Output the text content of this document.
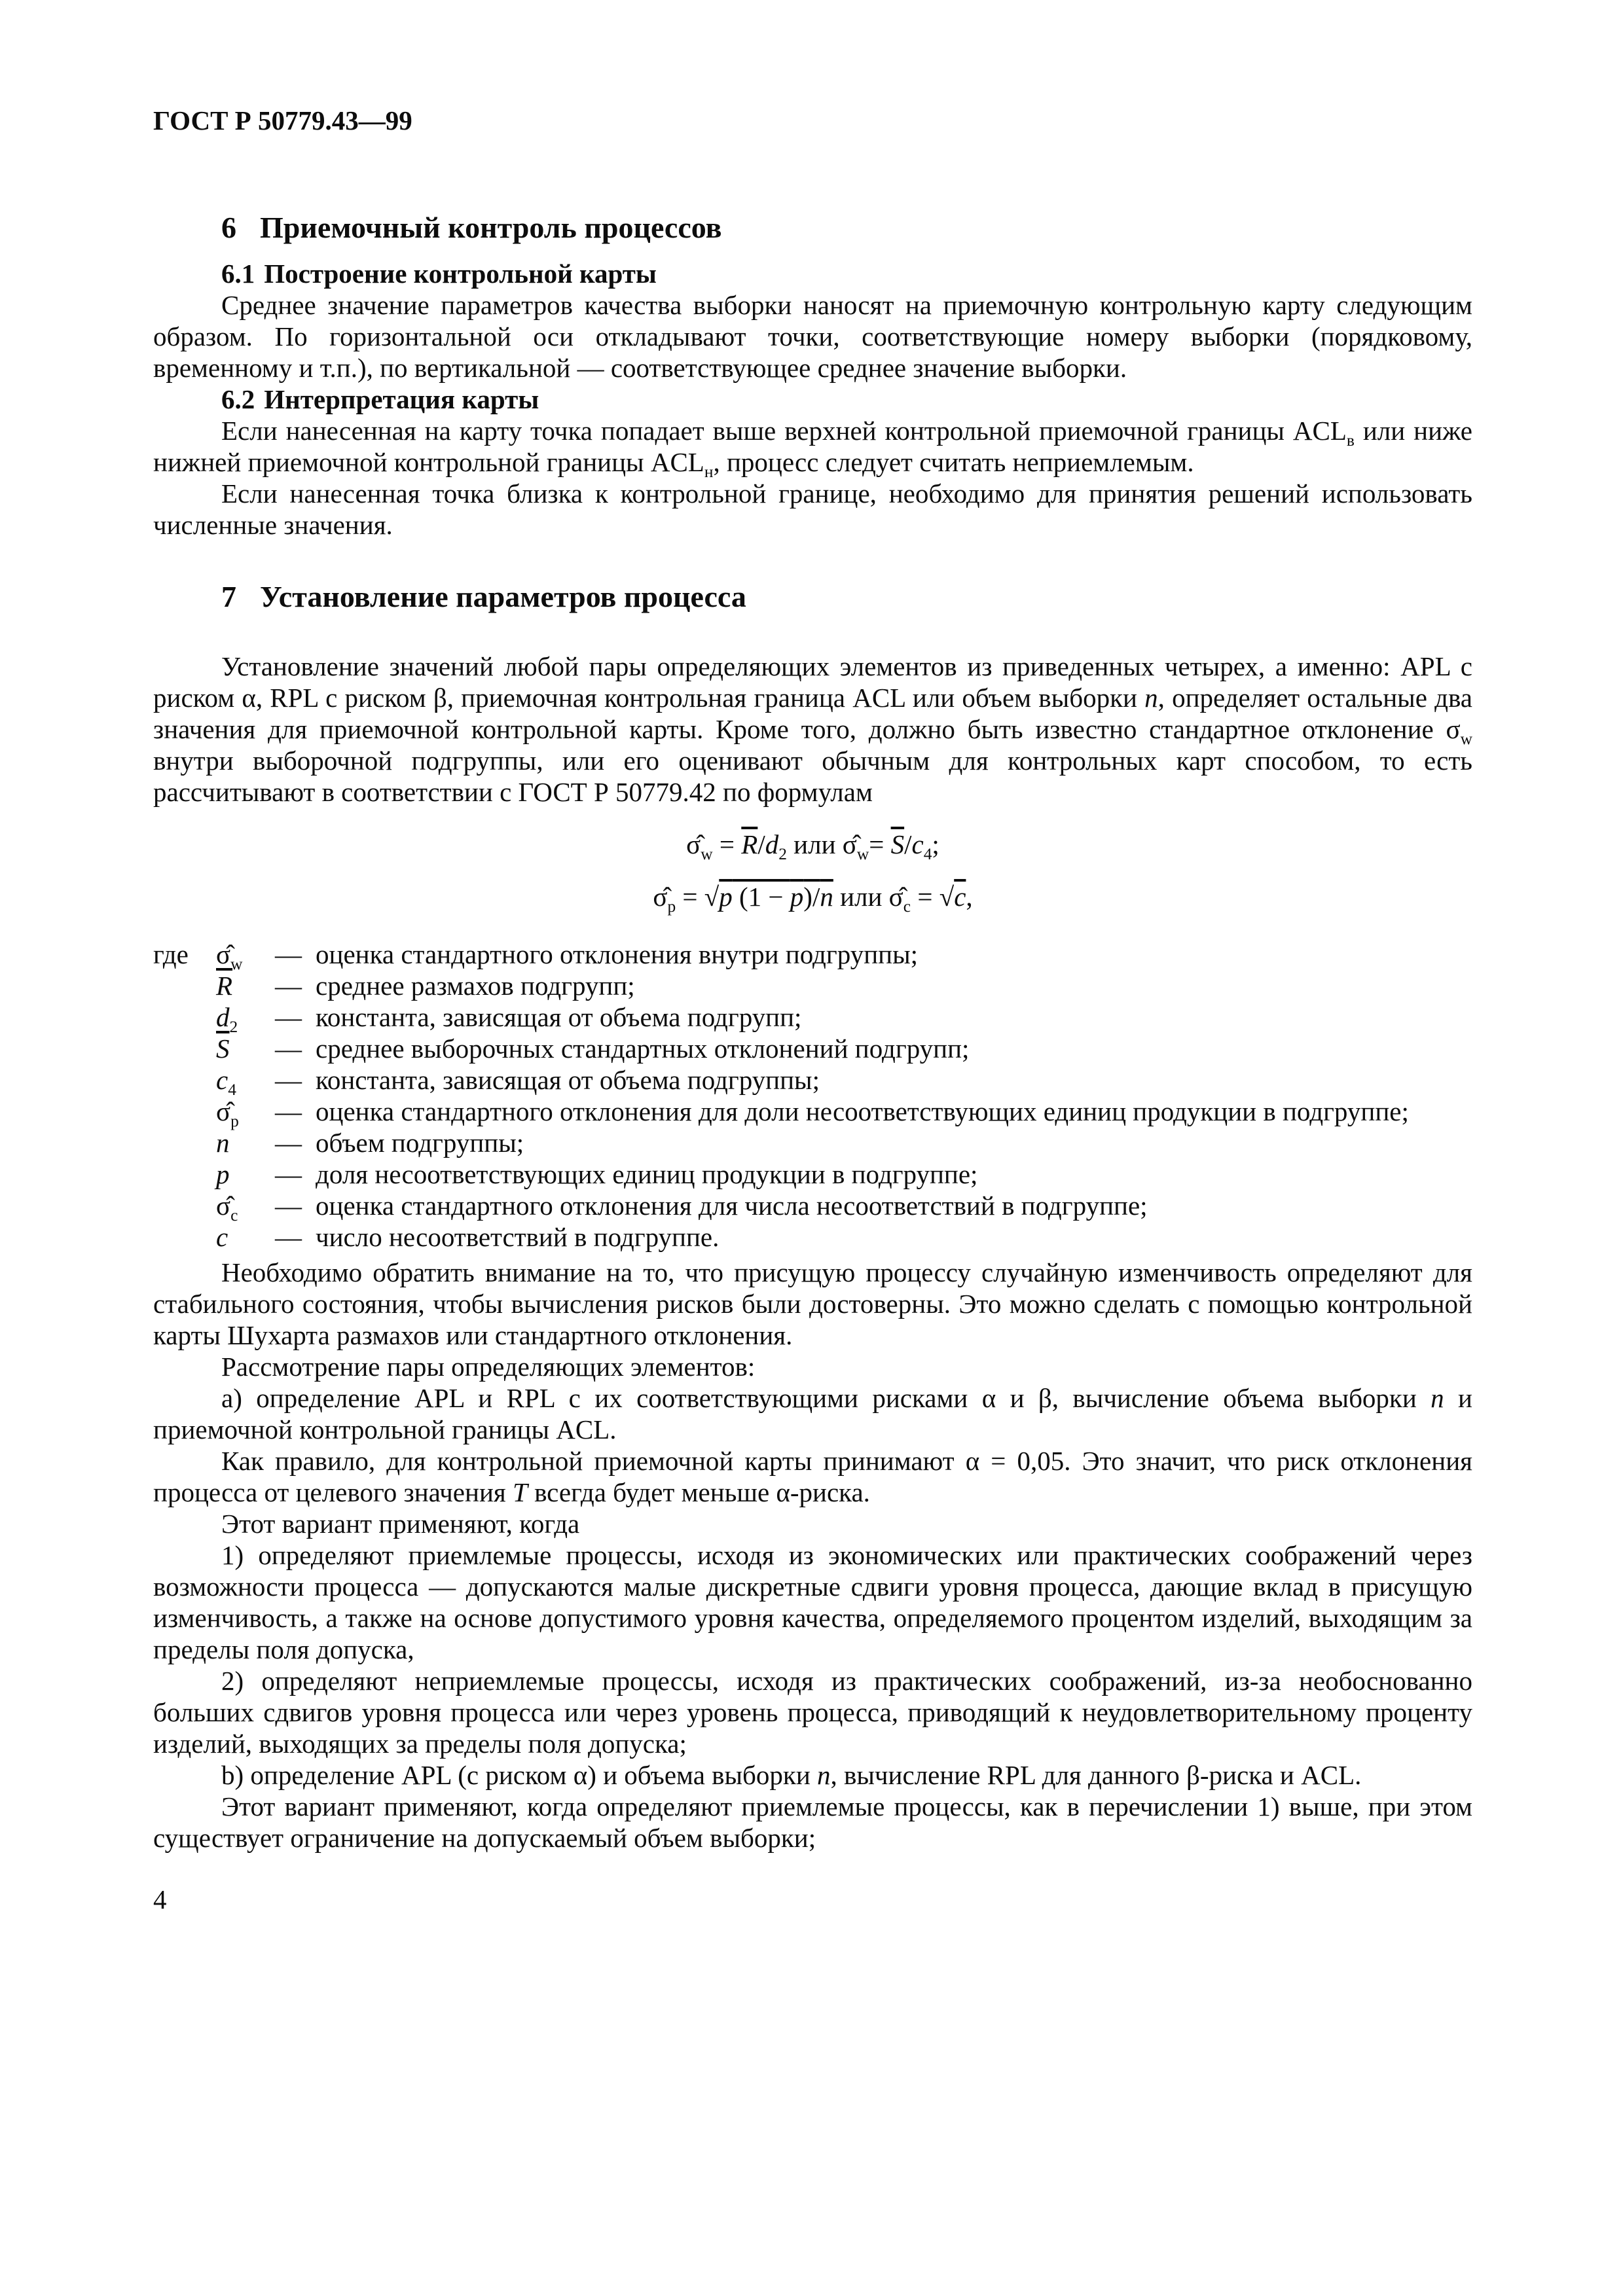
ГОСТ Р 50779.43—99
6 Приемочный контроль процессов
6.1 Построение контрольной карты

Среднее значение параметров качества выборки наносят на приемочную контрольную карту следующим образом. По горизонтальной оси откладывают точки, соответствующие номеру выборки (порядковому, временному и т.п.), по вертикальной — соответствующее среднее значение выборки.

6.2 Интерпретация карты

Если нанесенная на карту точка попадает выше верхней контрольной приемочной границы $ACL_в$ или ниже нижней приемочной контрольной границы $ACL_н$, процесс следует считать неприемлемым.

Если нанесенная точка близка к контрольной границе, необходимо для принятия решений использовать численные значения.

7 Установление параметров процесса

Установление значений любой пары определяющих элементов из приведенных четырех, а именно: APL с риском α, RPL с риском β, приемочная контрольная граница ACL или объем выборки n, определяет остальные два значения для приемочной контрольной карты. Кроме того, должно быть известно стандартное отклонение $\sigma_w$ внутри выборочной подгруппы, или его оценивают обычным для контрольных карт способом, то есть рассчитывают в соответствии с ГОСТ Р 50779.42 по формулам

$\sigmâ_w = \overline{R}/d_2$ или $\sigmâ_w= \overline{S}/c_4$;
$\sigmâ_p = √p$ (1 − p)/n или $\sigmâ_c = √c$,
где	$\sigmâ_w$	— оценка стандартного отклонения внутри подгруппы;
$\overline{R}$	— среднее размахов подгрупп;
$d_2$	— константа, зависящая от объема подгрупп;
$\overline{S}$	— среднее выборочных стандартных отклонений подгрупп;
$c_4$	— константа, зависящая от объема подгруппы;
$\sigmâ_p$	— оценка стандартного отклонения для доли несоответствующих единиц продукции в подгруппе;
n	— объем подгруппы;
p	— доля несоответствующих единиц продукции в подгруппе;
$\sigmâ_c$	— оценка стандартного отклонения для числа несоответствий в подгруппе;
c	— число несоответствий в подгруппе.

Необходимо обратить внимание на то, что присущую процессу случайную изменчивость определяют для стабильного состояния, чтобы вычисления рисков были достоверны. Это можно сделать с помощью контрольной карты Шухарта размахов или стандартного отклонения.

Рассмотрение пары определяющих элементов:

a) определение APL и RPL с их соответствующими рисками α и β, вычисление объема выборки n и приемочной контрольной границы ACL.

Как правило, для контрольной приемочной карты принимают α = 0,05. Это значит, что риск отклонения процесса от целевого значения T всегда будет меньше α-риска.

Этот вариант применяют, когда

1) определяют приемлемые процессы, исходя из экономических или практических соображений через возможности процесса — допускаются малые дискретные сдвиги уровня процесса, дающие вклад в присущую изменчивость, а также на основе допустимого уровня качества, определяемого процентом изделий, выходящим за пределы поля допуска,

2) определяют неприемлемые процессы, исходя из практических соображений, из-за необоснованно больших сдвигов уровня процесса или через уровень процесса, приводящий к неудовлетворительному проценту изделий, выходящих за пределы поля допуска;

b) определение APL (с риском α) и объема выборки n, вычисление RPL для данного β-риска и ACL.

Этот вариант применяют, когда определяют приемлемые процессы, как в перечислении 1) выше, при этом существует ограничение на допускаемый объем выборки;

4
